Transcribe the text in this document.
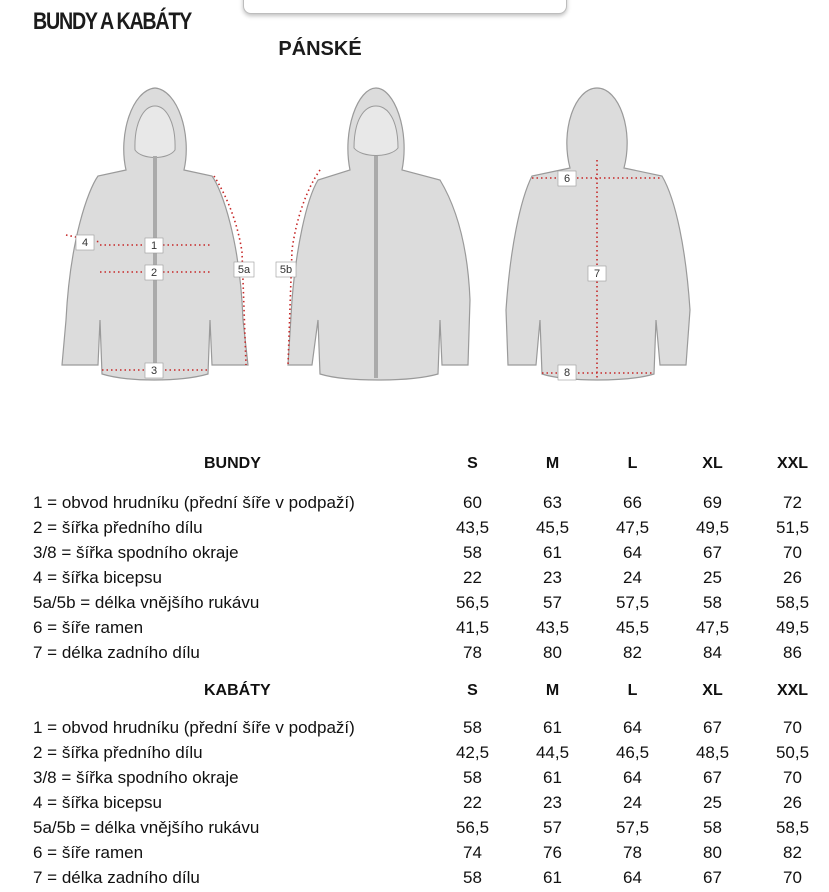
BUNDY A KABÁTY
PÁNSKÉ
1
2
3
4
5a	5b
6
7
8
BUNDY	S	M	L	XL	XXL
1 = obvod hrudníku (přední šíře v podpaží)	60	63	66	69	72
2 = šířka předního dílu	43,5	45,5	47,5	49,5	51,5
3/8 = šířka spodního okraje	58	61	64	67	70
4 = šířka bicepsu	22	23	24	25	26
5a/5b = délka vnějšího rukávu	56,5	57	57,5	58	58,5
6 = šíře ramen	41,5	43,5	45,5	47,5	49,5
7 = délka zadního dílu	78	80	82	84	86
KABÁTY	S	M	L	XL	XXL
1 = obvod hrudníku (přední šíře v podpaží)	58	61	64	67	70
2 = šířka předního dílu	42,5	44,5	46,5	48,5	50,5
3/8 = šířka spodního okraje	58	61	64	67	70
4 = šířka bicepsu	22	23	24	25	26
5a/5b = délka vnějšího rukávu	56,5	57	57,5	58	58,5
6 = šíře ramen	74	76	78	80	82
7 = délka zadního dílu	58	61	64	67	70
